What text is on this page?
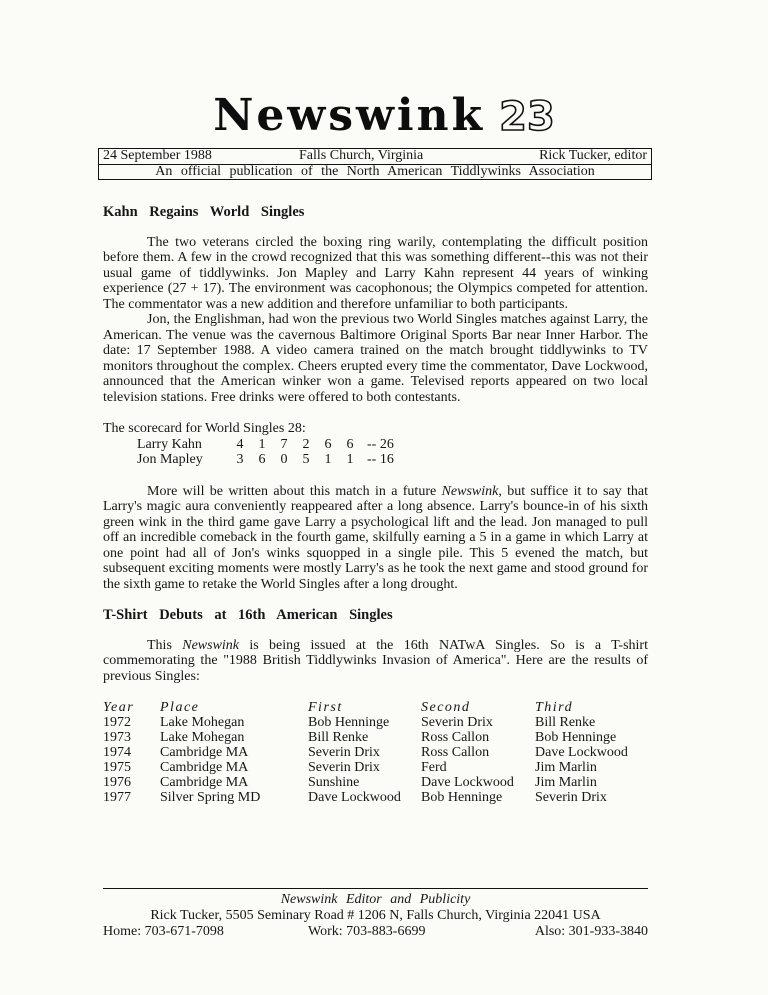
Newswink 23
24 September 1988	Falls Church, Virginia	Rick Tucker, editor
An official publication of the North American Tiddlywinks Association
Kahn Regains World Singles

The two veterans circled the boxing ring warily, contemplating the difficult position before them. A few in the crowd recognized that this was something different--this was not their usual game of tiddlywinks. Jon Mapley and Larry Kahn represent 44 years of winking experience (27 + 17). The environment was cacophonous; the Olympics competed for attention. The commentator was a new addition and therefore unfamiliar to both participants.

Jon, the Englishman, had won the previous two World Singles matches against Larry, the American. The venue was the cavernous Baltimore Original Sports Bar near Inner Harbor. The date: 17 September 1988. A video camera trained on the match brought tiddlywinks to TV monitors throughout the complex. Cheers erupted every time the commentator, Dave Lockwood, announced that the American winker won a game. Televised reports appeared on two local television stations. Free drinks were offered to both contestants.

The scorecard for World Singles 28:
Larry Kahn	4	1	7	2	6	6 -- 26
Jon Mapley	3	6	0	5	1	1 -- 16

More will be written about this match in a future Newswink, but suffice it to say that Larry's magic aura conveniently reappeared after a long absence. Larry's bounce-in of his sixth green wink in the third game gave Larry a psychological lift and the lead. Jon managed to pull off an incredible comeback in the fourth game, skilfully earning a 5 in a game in which Larry at one point had all of Jon's winks squopped in a single pile. This 5 evened the match, but subsequent exciting moments were mostly Larry's as he took the next game and stood ground for the sixth game to retake the World Singles after a long drought.

T-Shirt Debuts at 16th American Singles

This Newswink is being issued at the 16th NATwA Singles. So is a T-shirt commemorating the "1988 British Tiddlywinks Invasion of America". Here are the results of previous Singles:

Year	Place	First	Second	Third
1972	Lake Mohegan	Bob Henninge	Severin Drix	Bill Renke
1973	Lake Mohegan	Bill Renke	Ross Callon	Bob Henninge
1974	Cambridge MA	Severin Drix	Ross Callon	Dave Lockwood
1975	Cambridge MA	Severin Drix	Ferd	Jim Marlin
1976	Cambridge MA	Sunshine	Dave Lockwood	Jim Marlin
1977	Silver Spring MD	Dave Lockwood	Bob Henninge	Severin Drix
Newswink Editor and Publicity
Rick Tucker, 5505 Seminary Road # 1206 N, Falls Church, Virginia 22041 USA
Home: 703-671-7098	Work: 703-883-6699	Also: 301-933-3840
